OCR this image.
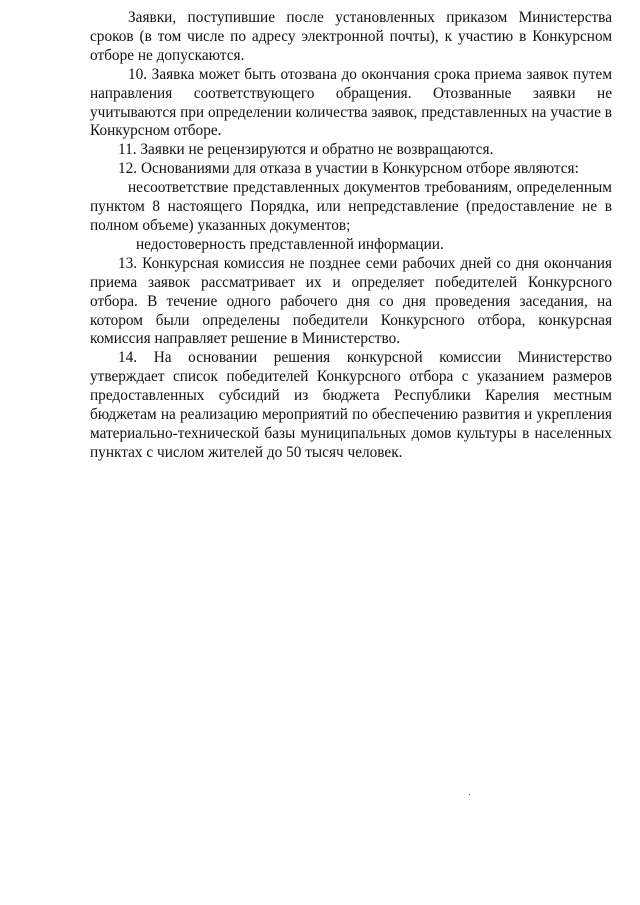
Заявки, поступившие после установленных приказом Министерства сроков (в том числе по адресу электронной почты), к участию в Конкурсном отборе не допускаются.

10. Заявка может быть отозвана до окончания срока приема заявок путем направления соответствующего обращения. Отозванные заявки не учитываются при определении количества заявок, представленных на участие в Конкурсном отборе.

11. Заявки не рецензируются и обратно не возвращаются.

12. Основаниями для отказа в участии в Конкурсном отборе являются:

несоответствие представленных документов требованиям, определенным пунктом 8 настоящего Порядка, или непредставление (предоставление не в полном объеме) указанных документов;

недостоверность представленной информации.

13. Конкурсная комиссия не позднее семи рабочих дней со дня окончания приема заявок рассматривает их и определяет победителей Конкурсного отбора. В течение одного рабочего дня со дня проведения заседания, на котором были определены победители Конкурсного отбора, конкурсная комиссия направляет решение в Министерство.

14. На основании решения конкурсной комиссии Министерство утверждает список победителей Конкурсного отбора с указанием размеров предоставленных субсидий из бюджета Республики Карелия местным бюджетам на реализацию мероприятий по обеспечению развития и укрепления материально-технической базы муниципальных домов культуры в населенных пунктах с числом жителей до 50 тысяч человек.
